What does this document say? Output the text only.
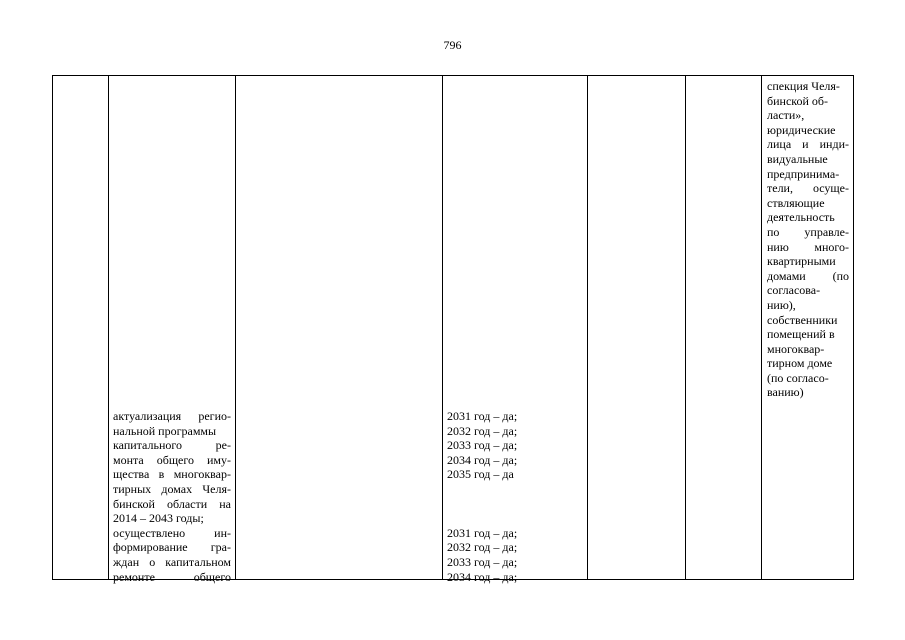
796
спекция Челя-
бинской об-
ласти»,
юридические
лица и инди-
видуальные
предпринима-
тели, осуще-
ствляющие
деятельность
по управле-
нию много-
квартирными
домами (по
согласова-
нию),
собственники
помещений в
многоквар-
тирном доме
(по согласо-
ванию)
актуализация регио-
нальной программы
капитального ре-
монта общего иму-
щества в многоквар-
тирных домах Челя-
бинской области на
2014 – 2043 годы;
осуществлено ин-
формирование гра-
ждан о капитальном
ремонте общего
2031 год – да;
2032 год – да;
2033 год – да;
2034 год – да;
2035 год – да
2031 год – да;
2032 год – да;
2033 год – да;
2034 год – да;
